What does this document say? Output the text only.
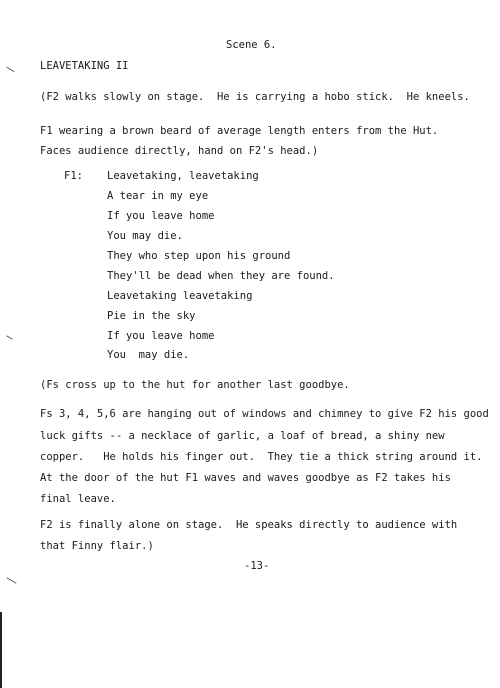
Scene 6.
LEAVETAKING II
(F2 walks slowly on stage.  He is carrying a hobo stick.  He kneels.
F1 wearing a brown beard of average length enters from the Hut.
Faces audience directly, hand on F2's head.)
F1: Leavetaking, leavetaking
A tear in my eye
If you leave home
You may die.
They who step upon his ground
They'll be dead when they are found.
Leavetaking leavetaking
Pie in the sky
If you leave home
You  may die.
(Fs cross up to the hut for another last goodbye.
Fs 3, 4, 5,6 are hanging out of windows and chimney to give F2 his good
luck gifts -- a necklace of garlic, a loaf of bread, a shiny new
copper.   He holds his finger out.  They tie a thick string around it.
At the door of the hut F1 waves and waves goodbye as F2 takes his
final leave.
F2 is finally alone on stage.  He speaks directly to audience with
that Finny flair.)
-13-
